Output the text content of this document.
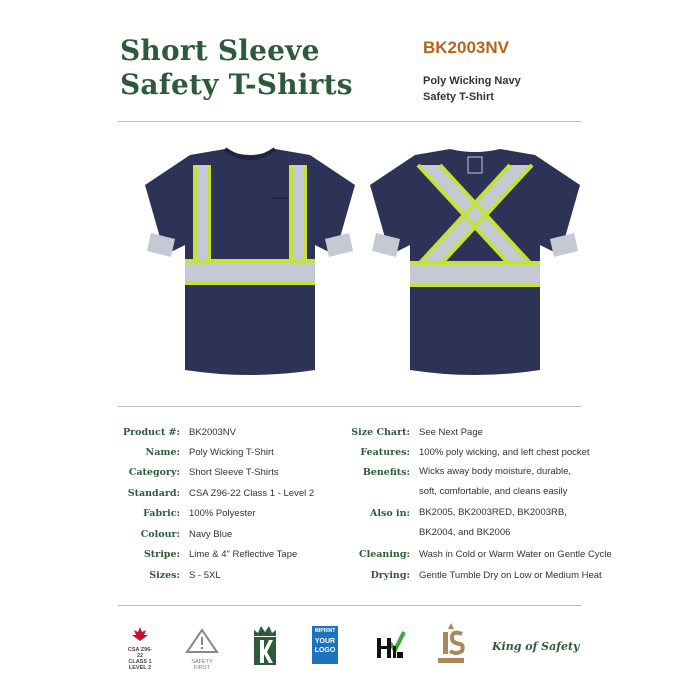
Short Sleeve
Safety T-Shirts
BK2003NV
Poly Wicking Navy
Safety T-Shirt
Product #: BK2003NV
Name: Poly Wicking T-Shirt
Category: Short Sleeve T-Shirts
Standard: CSA Z96-22 Class 1 - Level 2
Fabric: 100% Polyester
Colour: Navy Blue
Stripe: Lime & 4" Reflective Tape
Sizes: S - 5XL
Size Chart: See Next Page
Features: 100% poly wicking, and left chest pocket
Benefits: Wicks away body moisture, durable, soft, comfortable, and cleans easily
Also in: BK2005, BK2003RED, BK2003RB, BK2004, and BK2006
Cleaning: Wash in Cold or Warm Water on Gentle Cycle
Drying: Gentle Tumble Dry on Low or Medium Heat
CSA Z96-22
CLASS 1
LEVEL 2
SAFETY FIRST
IMPRINT
YOUR
LOGO	King of Safety
